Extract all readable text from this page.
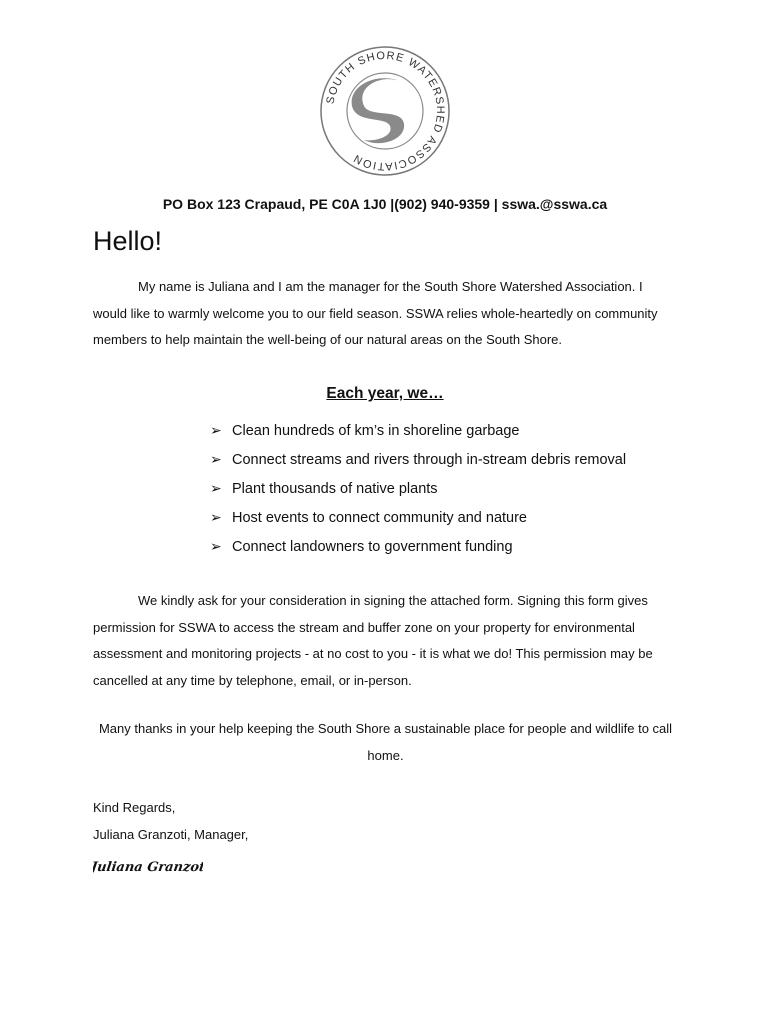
SOUTH SHORE WATERSHED ASSOCIATION
PO Box 123 Crapaud, PE C0A 1J0 |(902) 940-9359 | sswa.@sswa.ca
Hello!

My name is Juliana and I am the manager for the South Shore Watershed Association. I would like to warmly welcome you to our field season. SSWA relies whole-heartedly on community members to help maintain the well-being of our natural areas on the South Shore.

Each year, we…
➢ Clean hundreds of km’s in shoreline garbage
➢ Connect streams and rivers through in-stream debris removal
➢ Plant thousands of native plants
➢ Host events to connect community and nature
➢ Connect landowners to government funding

We kindly ask for your consideration in signing the attached form. Signing this form gives permission for SSWA to access the stream and buffer zone on your property for environmental assessment and monitoring projects - at no cost to you - it is what we do! This permission may be cancelled at any time by telephone, email, or in-person.

Many thanks in your help keeping the South Shore a sustainable place for people and wildlife to call home.
Kind Regards,
Juliana Granzoti, Manager,
Juliana Granzoti
